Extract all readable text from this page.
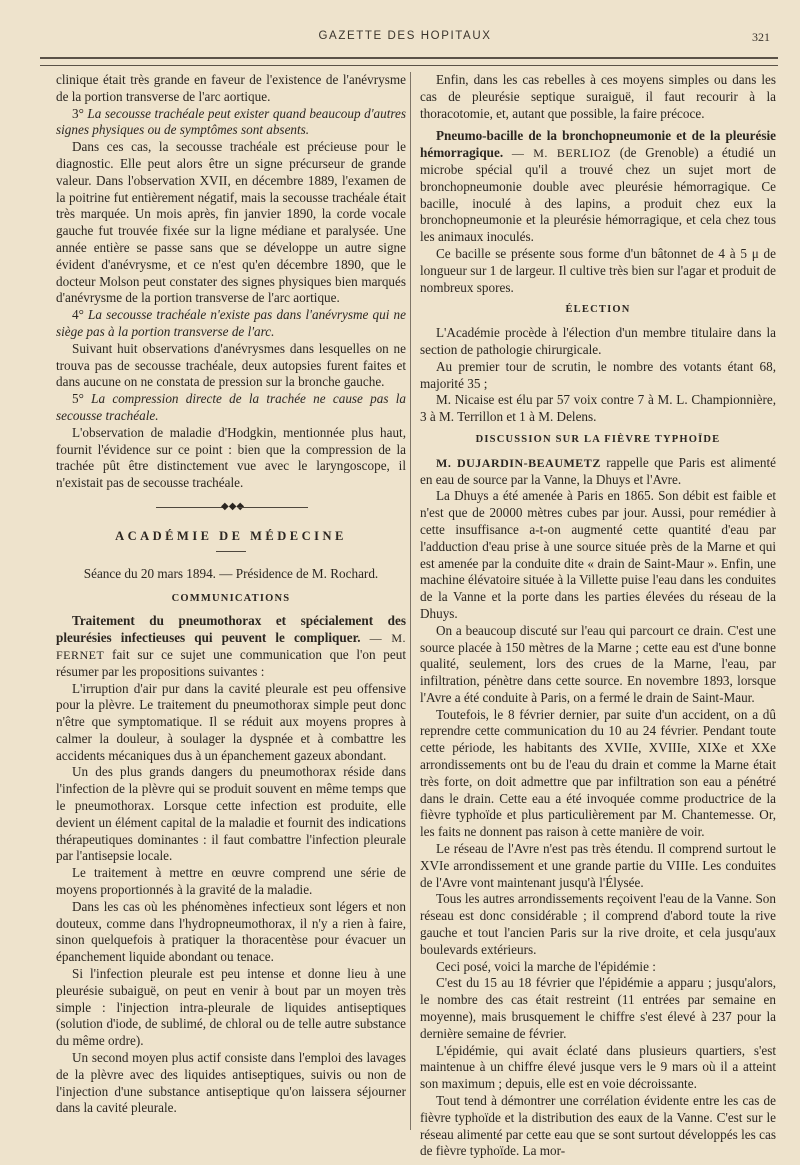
GAZETTE DES HOPITAUX	321

clinique était très grande en faveur de l'existence de l'anévrysme de la portion transverse de l'arc aortique.

3° La secousse trachéale peut exister quand beaucoup d'autres signes physiques ou de symptômes sont absents.

Dans ces cas, la secousse trachéale est précieuse pour le diagnostic. Elle peut alors être un signe précurseur de grande valeur. Dans l'observation XVII, en décembre 1889, l'examen de la poitrine fut entièrement négatif, mais la secousse trachéale était très marquée. Un mois après, fin janvier 1890, la corde vocale gauche fut trouvée fixée sur la ligne médiane et paralysée. Une année entière se passe sans que se développe un autre signe évident d'anévrysme, et ce n'est qu'en décembre 1890, que le docteur Molson peut constater des signes physiques bien marqués d'anévrysme de la portion transverse de l'arc aortique.

4° La secousse trachéale n'existe pas dans l'anévrysme qui ne siège pas à la portion transverse de l'arc.

Suivant huit observations d'anévrysmes dans lesquelles on ne trouva pas de secousse trachéale, deux autopsies furent faites et dans aucune on ne constata de pression sur la bronche gauche.

5° La compression directe de la trachée ne cause pas la secousse trachéale.

L'observation de maladie d'Hodgkin, mentionnée plus haut, fournit l'évidence sur ce point : bien que la compression de la trachée pût être distinctement vue avec le laryngoscope, il n'existait pas de secousse trachéale.

◆◆◆
ACADÉMIE DE MÉDECINE
Séance du 20 mars 1894. — Présidence de M. Rochard.
COMMUNICATIONS

Traitement du pneumothorax et spécialement des pleurésies infectieuses qui peuvent le compliquer. — M. FERNET fait sur ce sujet une communication que l'on peut résumer par les propositions suivantes :

L'irruption d'air pur dans la cavité pleurale est peu offensive pour la plèvre. Le traitement du pneumothorax simple peut donc n'être que symptomatique. Il se réduit aux moyens propres à calmer la douleur, à soulager la dyspnée et à combattre les accidents mécaniques dus à un épanchement gazeux abondant.

Un des plus grands dangers du pneumothorax réside dans l'infection de la plèvre qui se produit souvent en même temps que le pneumothorax. Lorsque cette infection est produite, elle devient un élément capital de la maladie et fournit des indications thérapeutiques dominantes : il faut combattre l'infection pleurale par l'antisepsie locale.

Le traitement à mettre en œuvre comprend une série de moyens proportionnés à la gravité de la maladie.

Dans les cas où les phénomènes infectieux sont légers et non douteux, comme dans l'hydropneumothorax, il n'y a rien à faire, sinon quelquefois à pratiquer la thoracentèse pour évacuer un épanchement liquide abondant ou tenace.

Si l'infection pleurale est peu intense et donne lieu à une pleurésie subaiguë, on peut en venir à bout par un moyen très simple : l'injection intra-pleurale de liquides antiseptiques (solution d'iode, de sublimé, de chloral ou de telle autre substance du même ordre).

Un second moyen plus actif consiste dans l'emploi des lavages de la plèvre avec des liquides antiseptiques, suivis ou non de l'injection d'une substance antiseptique qu'on laissera séjourner dans la cavité pleurale.

Enfin, dans les cas rebelles à ces moyens simples ou dans les cas de pleurésie septique suraiguë, il faut recourir à la thoracotomie, et, autant que possible, la faire précoce.

Pneumo-bacille de la bronchopneumonie et de la pleurésie hémorragique. — M. BERLIOZ (de Grenoble) a étudié un microbe spécial qu'il a trouvé chez un sujet mort de bronchopneumonie double avec pleurésie hémorragique. Ce bacille, inoculé à des lapins, a produit chez eux la bronchopneumonie et la pleurésie hémorragique, et cela chez tous les animaux inoculés.

Ce bacille se présente sous forme d'un bâtonnet de 4 à 5 μ de longueur sur 1 de largeur. Il cultive très bien sur l'agar et produit de nombreux spores.

ÉLECTION

L'Académie procède à l'élection d'un membre titulaire dans la section de pathologie chirurgicale.

Au premier tour de scrutin, le nombre des votants étant 68, majorité 35 ;

M. Nicaise est élu par 57 voix contre 7 à M. L. Championnière, 3 à M. Terrillon et 1 à M. Delens.

DISCUSSION SUR LA FIÈVRE TYPHOÏDE

M. DUJARDIN-BEAUMETZ rappelle que Paris est alimenté en eau de source par la Vanne, la Dhuys et l'Avre.

La Dhuys a été amenée à Paris en 1865. Son débit est faible et n'est que de 20000 mètres cubes par jour. Aussi, pour remédier à cette insuffisance a-t-on augmenté cette quantité d'eau par l'adduction d'eau prise à une source située près de la Marne et qui est amenée par la conduite dite « drain de Saint-Maur ». Enfin, une machine élévatoire située à la Villette puise l'eau dans les conduites de la Vanne et la porte dans les parties élevées du réseau de la Dhuys.

On a beaucoup discuté sur l'eau qui parcourt ce drain. C'est une source placée à 150 mètres de la Marne ; cette eau est d'une bonne qualité, seulement, lors des crues de la Marne, l'eau, par infiltration, pénètre dans cette source. En novembre 1893, lorsque l'Avre a été conduite à Paris, on a fermé le drain de Saint-Maur.

Toutefois, le 8 février dernier, par suite d'un accident, on a dû reprendre cette communication du 10 au 24 février. Pendant toute cette période, les habitants des XVIIe, XVIIIe, XIXe et XXe arrondissements ont bu de l'eau du drain et comme la Marne était très forte, on doit admettre que par infiltration son eau a pénétré dans le drain. Cette eau a été invoquée comme productrice de la fièvre typhoïde et plus particulièrement par M. Chantemesse. Or, les faits ne donnent pas raison à cette manière de voir.

Le réseau de l'Avre n'est pas très étendu. Il comprend surtout le XVIe arrondissement et une grande partie du VIIIe. Les conduites de l'Avre vont maintenant jusqu'à l'Élysée.

Tous les autres arrondissements reçoivent l'eau de la Vanne. Son réseau est donc considérable ; il comprend d'abord toute la rive gauche et tout l'ancien Paris sur la rive droite, et cela jusqu'aux boulevards extérieurs.

Ceci posé, voici la marche de l'épidémie :

C'est du 15 au 18 février que l'épidémie a apparu ; jusqu'alors, le nombre des cas était restreint (11 entrées par semaine en moyenne), mais brusquement le chiffre s'est élevé à 237 pour la dernière semaine de février.

L'épidémie, qui avait éclaté dans plusieurs quartiers, s'est maintenue à un chiffre élevé jusque vers le 9 mars où il a atteint son maximum ; depuis, elle est en voie décroissante.

Tout tend à démontrer une corrélation évidente entre les cas de fièvre typhoïde et la distribution des eaux de la Vanne. C'est sur le réseau alimenté par cette eau que se sont surtout développés les cas de fièvre typhoïde. La mor-
